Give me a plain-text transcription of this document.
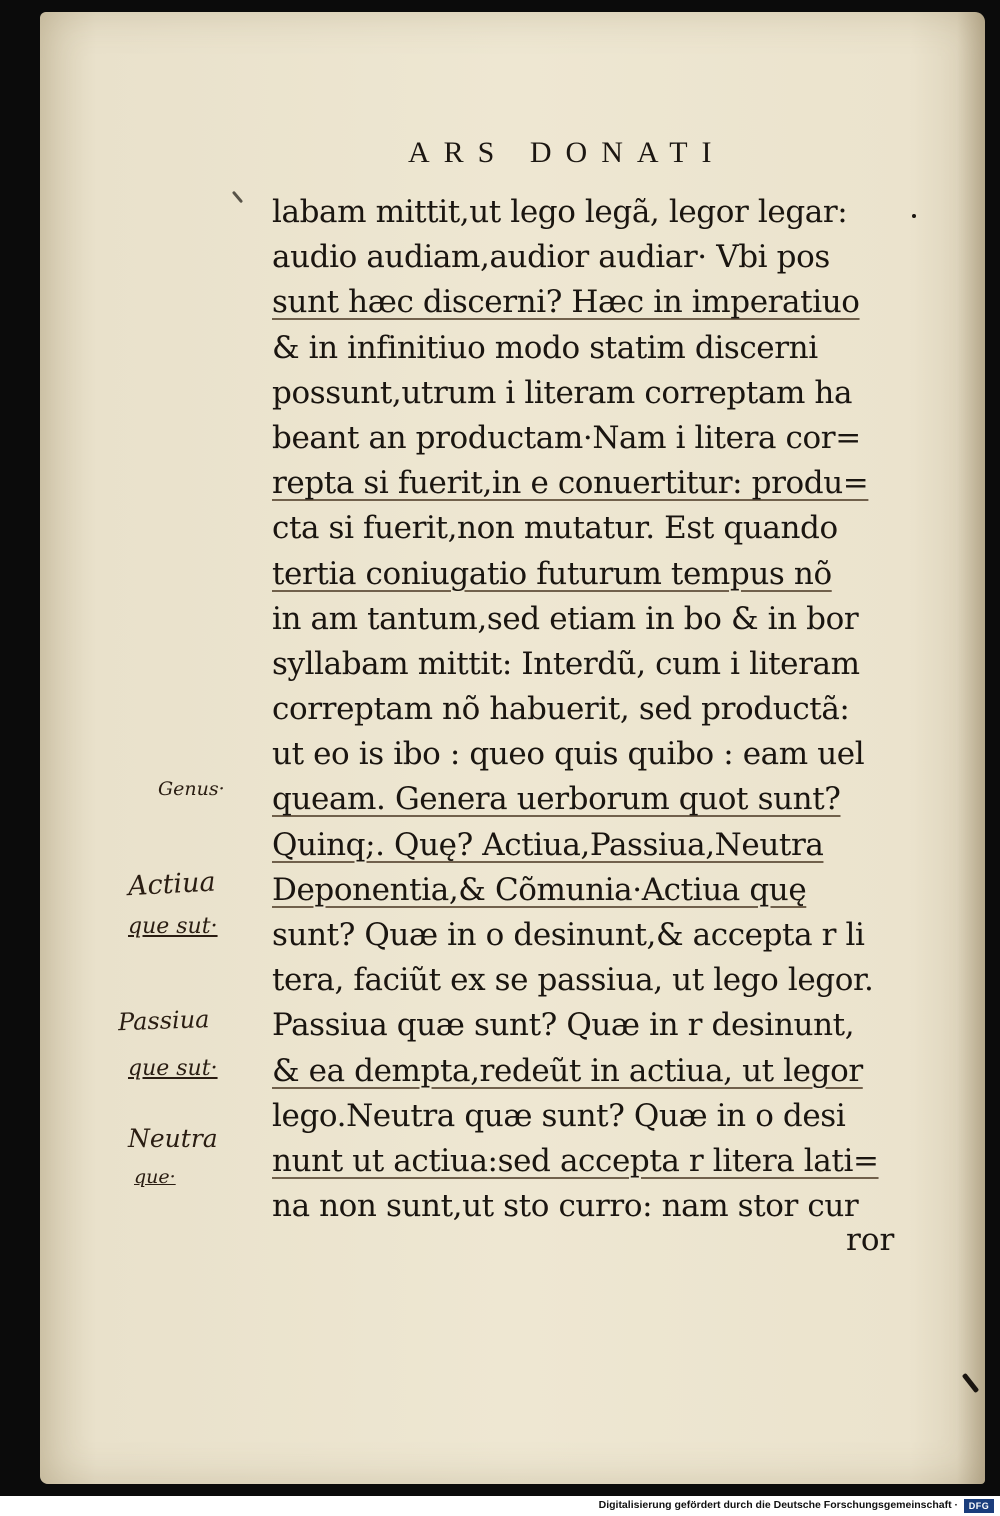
ARS DONATI
labam mittit,ut lego legã, legor legar:
audio audiam,audior audiar· Vbi pos
sunt hæc discerni? Hæc in imperatiuo
& in infinitiuo modo statim discerni
possunt,utrum i literam correptam ha
beant an productam·Nam i litera cor=
repta si fuerit,in e conuertitur: produ=
cta si fuerit,non mutatur. Est quando
tertia coniugatio futurum tempus nõ
in am tantum,sed etiam in bo & in bor
syllabam mittit: Interdũ, cum i literam
correptam nõ habuerit, sed productã:
ut eo is ibo : queo quis quibo : eam uel
queam. Genera uerborum quot sunt?
Quinq;. Quę? Actiua,Passiua,Neutra
Deponentia,& Cõmunia·Actiua quę
sunt? Quæ in o desinunt,& accepta r li
tera, faciũt ex se passiua, ut lego legor.
Passiua quæ sunt? Quæ in r desinunt,
& ea dempta,redeũt in actiua, ut legor
lego.Neutra quæ sunt? Quæ in o desi
nunt ut actiua:sed accepta r litera lati=
na non sunt,ut sto curro: nam stor cur
ror
Genus·
Actiua
que sut·
Passiua
que sut·
Neutra
que·
Digitalisierung gefördert durch die Deutsche Forschungsgemeinschaft ·	DFG
